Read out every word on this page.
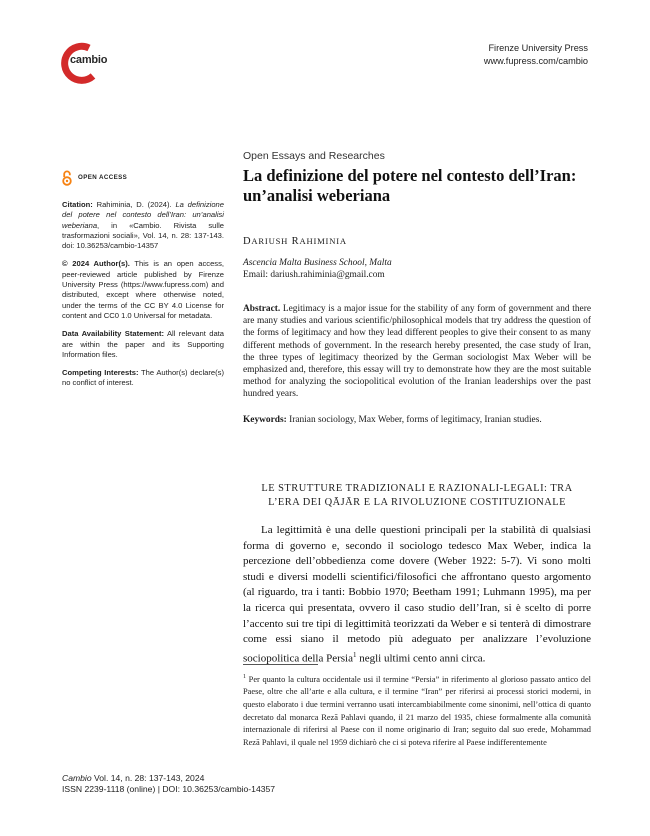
cambio
Firenze University Press
www.fupress.com/cambio
OPEN ACCESS

Citation: Rahiminia, D. (2024). La definizione del potere nel contesto dell’Iran: un’analisi weberiana, in «Cambio. Rivista sulle trasformazioni sociali», Vol. 14, n. 28: 137-143. doi: 10.36253/cambio-14357

© 2024 Author(s). This is an open access, peer-reviewed article published by Firenze University Press (https://www.fupress.com) and distributed, except where otherwise noted, under the terms of the CC BY 4.0 License for content and CC0 1.0 Universal for metadata.

Data Availability Statement: All relevant data are within the paper and its Supporting Information files.

Competing Interests: The Author(s) declare(s) no conflict of interest.

Open Essays and Researches
La definizione del potere nel contesto dell’Iran:
un’analisi weberiana
DARIUSH RAHIMINIA
Ascencia Malta Business School, Malta
Email: dariush.rahiminia@gmail.com
Abstract. Legitimacy is a major issue for the stability of any form of government and there are many studies and various scientific/philosophical models that try address the question of the forms of legitimacy and how they lead different peoples to give their consent to as many different methods of government. In the research hereby presented, the case study of Iran, the three types of legitimacy theorized by the German sociologist Max Weber will be emphasized and, therefore, this essay will try to demonstrate how they are the most suitable method for analyzing the sociopolitical evolution of the Iranian leaderships over the past hundred years.
Keywords: Iranian sociology, Max Weber, forms of legitimacy, Iranian studies.
LE STRUTTURE TRADIZIONALI E RAZIONALI-LEGALI: TRA
L’ERA DEI QĀJĀR E LA RIVOLUZIONE COSTITUZIONALE

La legittimità è una delle questioni principali per la stabilità di qualsiasi forma di governo e, secondo il sociologo tedesco Max Weber, indica la percezione dell’obbedienza come dovere (Weber 1922: 5-7). Vi sono molti studi e diversi modelli scientifici/filosofici che affrontano questo argomento (al riguardo, tra i tanti: Bobbio 1970; Beetham 1991; Luhmann 1995), ma per la ricerca qui presentata, ovvero il caso studio dell’Iran, si è scelto di porre l’accento sui tre tipi di legittimità teorizzati da Weber e si tenterà di dimostrare come essi siano il metodo più adeguato per analizzare l’evoluzione sociopolitica della Persia$^1$ negli ultimi cento anni circa.

$^1$ Per quanto la cultura occidentale usi il termine “Persia” in riferimento al glorioso passato antico del Paese, oltre che all’arte e alla cultura, e il termine “Iran” per riferirsi ai processi storici moderni, in questo elaborato i due termini verranno usati intercambiabilmente come sinonimi, nell’ottica di quanto decretato dal monarca Rezā Pahlavi quando, il 21 marzo del 1935, chiese formalmente alla comunità internazionale di riferirsi al Paese con il nome originario di Iran; seguito dal suo erede, Mohammad Rezā Pahlavi, il quale nel 1959 dichiarò che ci si poteva riferire al Paese indifferentemente

Cambio Vol. 14, n. 28: 137-143, 2024
ISSN 2239-1118 (online) | DOI: 10.36253/cambio-14357
